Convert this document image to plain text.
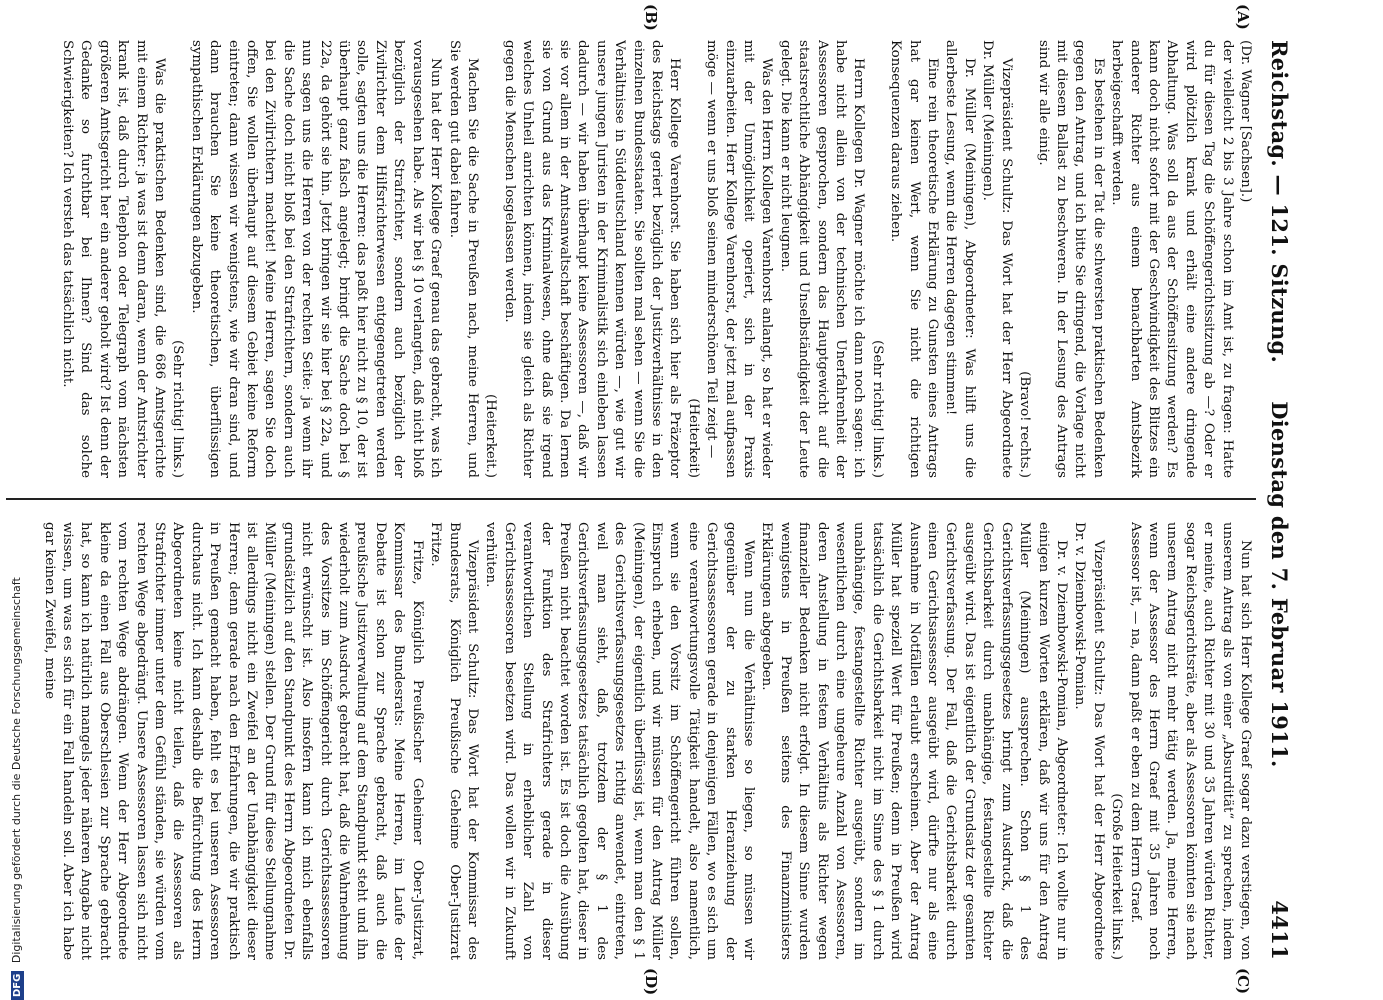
Reichstag. — 121. Sitzung.     Dienstag den 7. Februar 1911.
4411
(A)
(B)
(C)
(D)

(Dr. Wagner [Sachsen].)

der vielleicht 2 bis 3 Jahre schon im Amt ist, zu fragen: Hatte du für diesen Tag die Schöffengerichtssitzung ab —? Oder er wird plötzlich krank und erhält eine andere dringende Abhaltung. Was soll da aus der Schöffensitzung werden? Es kann doch nicht sofort mit der Geschwindigkeit des Blitzes ein anderer Richter aus einem benachbarten Amtsbezirk herbeigeschafft werden.

Es bestehen in der Tat die schwersten praktischen Bedenken gegen den Antrag, und ich bitte Sie dringend, die Vorlage nicht mit diesem Ballast zu beschweren. In der Lesung des Antrags sind wir alle einig.

(Bravo! rechts.)

Vizepräsident Schultz: Das Wort hat der Herr Abgeordnete Dr. Müller (Meiningen).

Dr. Müller (Meiningen), Abgeordneter: Was hilft uns die allerbeste Lesung, wenn die Herren dagegen stimmen!

Eine rein theoretische Erklärung zu Gunsten eines Antrags hat gar keinen Wert, wenn Sie nicht die richtigen Konsequenzen daraus ziehen.

(Sehr richtig! links.)

Herrn Kollegen Dr. Wagner möchte ich dann noch sagen: ich habe nicht allein von der technischen Unerfahrenheit der Assessoren gesprochen, sondern das Hauptgewicht auf die staatsrechtliche Abhängigkeit und Unselbständigkeit der Leute gelegt. Die kann er nicht leugnen.

Was den Herrn Kollegen Varenhorst anlangt, so hat er wieder mit der Unmöglichkeit operiert, sich in der Praxis einzuarbeiten. Herr Kollege Varenhorst, der jetzt mal aufpassen möge — wenn er uns bloß seinen minderschönen Teil zeigt —

(Heiterkeit)

Herr Kollege Varenhorst. Sie haben sich hier als Präzeptor des Reichstags geriert bezüglich der Justizverhältnisse in den einzelnen Bundesstaaten. Sie sollten mal sehen — wenn Sie die Verhältnisse in Süddeutschland kennen würden —, wie gut wir unsere jungen Juristen in der Kriminalistik sich einleben lassen dadurch — wir haben überhaupt keine Assessoren —, daß wir sie vor allem in der Amtsanwaltschaft beschäftigen. Da lernen sie von Grund aus das Kriminalwesen, ohne daß sie irgend welches Unheil anrichten können, indem sie gleich als Richter gegen die Menschen losgelassen werden.

(Heiterkeit.)

Machen Sie die Sache in Preußen nach, meine Herren, und Sie werden gut dabei fahren.

Nun hat der Herr Kollege Graef genau das gebracht, was ich vorausgesehen habe. Als wir bei § 10 verlangten, daß nicht bloß bezüglich der Strafrichter, sondern auch bezüglich der Zivilrichter dem Hilfsrichterwesen entgegengetreten werden solle, sagten uns die Herren: das paßt hier nicht zu § 10, der ist überhaupt ganz falsch angelegt; bringt die Sache doch bei § 22a, da gehört sie hin. Jetzt bringen wir sie hier bei § 22a, und nun sagen uns die Herren von der rechten Seite: ja wenn ihr die Sache doch nicht bloß bei den Strafrichtern, sondern auch bei den Zivilrichtern machtet! Meine Herren, sagen Sie doch offen, Sie wollen überhaupt auf diesem Gebiet keine Reform eintreten; dann wissen wir wenigstens, wie wir dran sind, und dann brauchen Sie keine theoretischen, überflüssigen sympathischen Erklärungen abzugeben.

(Sehr richtig! links.)

Was die praktischen Bedenken sind, die 686 Amtsgerichte mit einem Richter: ja was ist denn daran, wenn der Amtsrichter krank ist, daß durch Telephon oder Telegraph vom nächsten größeren Amtsgericht her ein anderer geholt wird? Ist denn der Gedanke so furchtbar bei Ihnen? Sind das solche Schwierigkeiten? Ich versteh das tatsächlich nicht.

Nun hat sich Herr Kollege Graef sogar dazu verstiegen, von unserem Antrag als von einer „Absurdität“ zu sprechen, indem er meinte, auch Richter mit 30 und 35 Jahren würden Richter, sogar Reichsgerichtsräte, aber als Assessoren könnten sie nach unserem Antrag nicht mehr tätig werden. Ja, meine Herren, wenn der Assessor des Herrn Graef mit 35 Jahren noch Assessor ist, — na, dann paßt er eben zu dem Herrn Graef.

(Große Heiterkeit links.)

Vizepräsident Schultz: Das Wort hat der Herr Abgeordnete Dr. v. Dziembowski-Pomian.

Dr. v. Dziembowski-Pomian, Abgeordneter: Ich wollte nur in einigen kurzen Worten erklären, daß wir uns für den Antrag Müller (Meiningen) aussprechen. Schon § 1 des Gerichtsverfassungsgesetzes bringt zum Ausdruck, daß die Gerichtsbarkeit durch unabhängige, festangestellte Richter ausgeübt wird. Das ist eigentlich der Grundsatz der gesamten Gerichtsverfassung. Der Fall, daß die Gerichtsbarkeit durch einen Gerichtsassessor ausgeübt wird, dürfte nur als eine Ausnahme in Notfällen erlaubt erscheinen. Aber der Antrag Müller hat speziell Wert für Preußen; denn in Preußen wird tatsächlich die Gerichtsbarkeit nicht im Sinne des § 1 durch unabhängige, festangestellte Richter ausgeübt, sondern im wesentlichen durch eine ungeheure Anzahl von Assessoren, deren Anstellung in festem Verhältnis als Richter wegen finanzieller Bedenken nicht erfolgt. In diesem Sinne wurden wenigstens in Preußen seitens des Finanzministers Erklärungen abgegeben.

Wenn nun die Verhältnisse so liegen, so müssen wir gegenüber der zu starken Heranziehung der Gerichtsassessoren gerade in denjenigen Fällen, wo es sich um eine verantwortungsvolle Tätigkeit handelt, also namentlich, wenn sie den Vorsitz im Schöffengericht führen sollen, Einspruch erheben, und wir müssen für den Antrag Müller (Meiningen), der eigentlich überflüssig ist, wenn man den § 1 des Gerichtsverfassungsgesetzes richtig anwendet, eintreten, weil man sieht, daß, trotzdem der § 1 des Gerichtsverfassungsgesetzes tatsächlich gegolten hat, dieser in Preußen nicht beachtet worden ist. Es ist doch die Ausübung der Funktion des Strafrichters gerade in dieser verantwortlichen Stellung in erheblicher Zahl von Gerichtsassessoren besetzen wird. Das wollen wir in Zukunft verhüten.

Vizepräsident Schultz: Das Wort hat der Kommissar des Bundesrats, Königlich Preußische Geheime Ober-Justizrat Fritze.

Fritze, Königlich Preußischer Geheimer Ober-Justizrat, Kommissar des Bundesrats: Meine Herren, im Laufe der Debatte ist schon zur Sprache gebracht, daß auch die preußische Justizverwaltung auf dem Standpunkt steht und ihn wiederholt zum Ausdruck gebracht hat, daß die Wahrnehmung des Vorsitzes im Schöffengericht durch Gerichtsassessoren nicht erwünscht ist. Also insofern kann ich mich ebenfalls grundsätzlich auf den Standpunkt des Herrn Abgeordneten Dr. Müller (Meiningen) stellen. Der Grund für diese Stellungnahme ist allerdings nicht ein Zweifel an der Unabhängigkeit dieser Herren; denn gerade nach den Erfahrungen, die wir praktisch in Preußen gemacht haben, fehlt es bei unseren Assessoren durchaus nicht. Ich kann deshalb die Befürchtung des Herrn Abgeordneten keine nicht teilen, daß die Assessoren als Strafrichter immer unter dem Gefühl ständen, sie würden vom rechten Wege abgedrängt. Unsere Assessoren lassen sich nicht vom rechten Wege abdrängen. Wenn der Herr Abgeordnete kleine da einen Fall aus Oberschlesien zur Sprache gebracht hat, so kann ich natürlich mangels jeder näheren Angabe nicht wissen, um was es sich für ein Fall handeln soll. Aber ich habe gar keinen Zweifel, meine

DFG Digitalisierung gefördert durch die Deutsche Forschungsgemeinschaft
